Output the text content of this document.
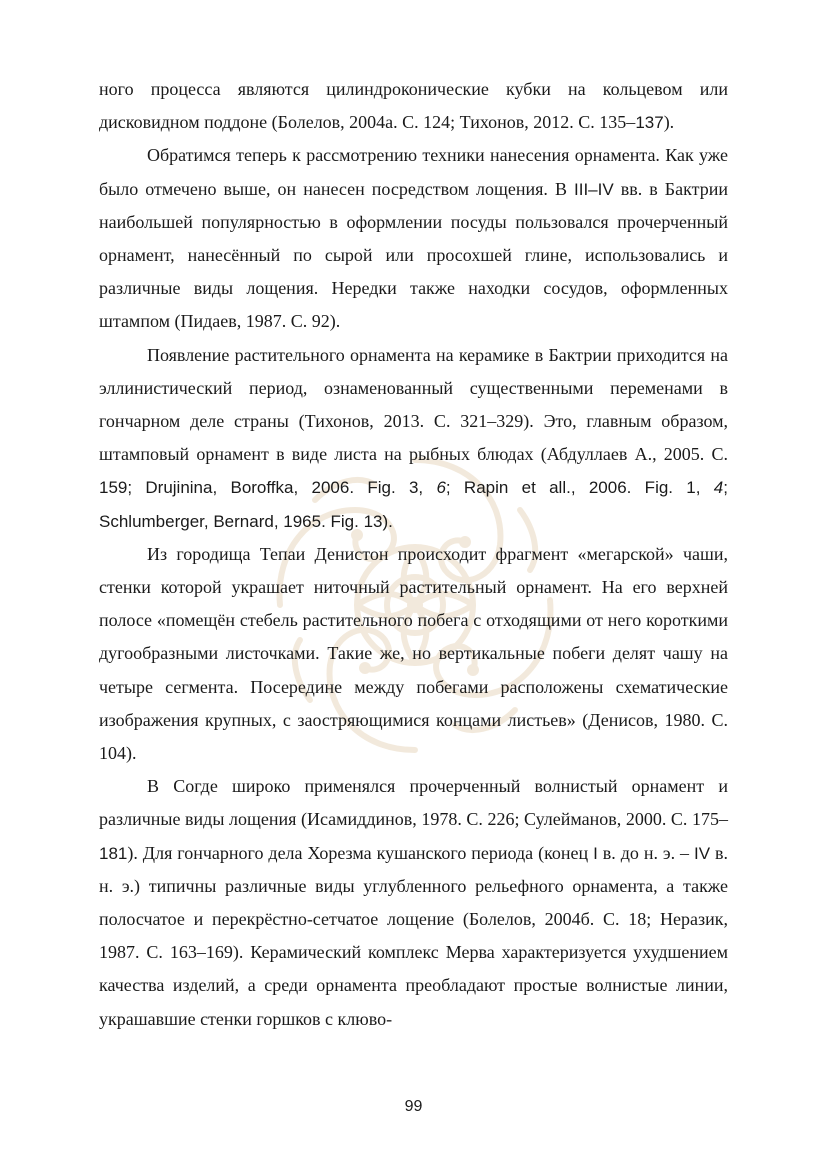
ного процесса являются цилиндроконические кубки на кольцевом или дисковидном поддоне (Болелов, 2004а. С. 124; Тихонов, 2012. С. 135–137).

Обратимся теперь к рассмотрению техники нанесения орнамента. Как уже было отмечено выше, он нанесен посредством лощения. В III–IV вв. в Бактрии наибольшей популярностью в оформлении посуды пользовался прочерченный орнамент, нанесённый по сырой или просохшей глине, использовались и различные виды лощения. Нередки также находки сосудов, оформленных штампом (Пидаев, 1987. С. 92).

Появление растительного орнамента на керамике в Бактрии приходится на эллинистический период, ознаменованный существенными переменами в гончарном деле страны (Тихонов, 2013. С. 321–329). Это, главным образом, штамповый орнамент в виде листа на рыбных блюдах (Абдуллаев А., 2005. С. 159; Drujinina, Boroffka, 2006. Fig. 3, 6; Rapin et all., 2006. Fig. 1, 4; Schlumberger, Bernard, 1965. Fig. 13).

Из городища Тепаи Денистон происходит фрагмент «мегарской» чаши, стенки которой украшает ниточный растительный орнамент. На его верхней полосе «помещён стебель растительного побега с отходящими от него короткими дугообразными листочками. Такие же, но вертикальные побеги делят чашу на четыре сегмента. Посередине между побегами расположены схематические изображения крупных, с заостряющимися концами листьев» (Денисов, 1980. С. 104).

В Согде широко применялся прочерченный волнистый орнамент и различные виды лощения (Исамиддинов, 1978. С. 226; Сулейманов, 2000. С. 175–181). Для гончарного дела Хорезма кушанского периода (конец I в. до н. э. – IV в. н. э.) типичны различные виды углубленного рельефного орнамента, а также полосчатое и перекрёстно-сетчатое лощение (Болелов, 2004б. С. 18; Неразик, 1987. С. 163–169). Керамический комплекс Мерва характеризуется ухудшением качества изделий, а среди орнамента преобладают простые волнистые линии, украшавшие стенки горшков с клюво-

99
